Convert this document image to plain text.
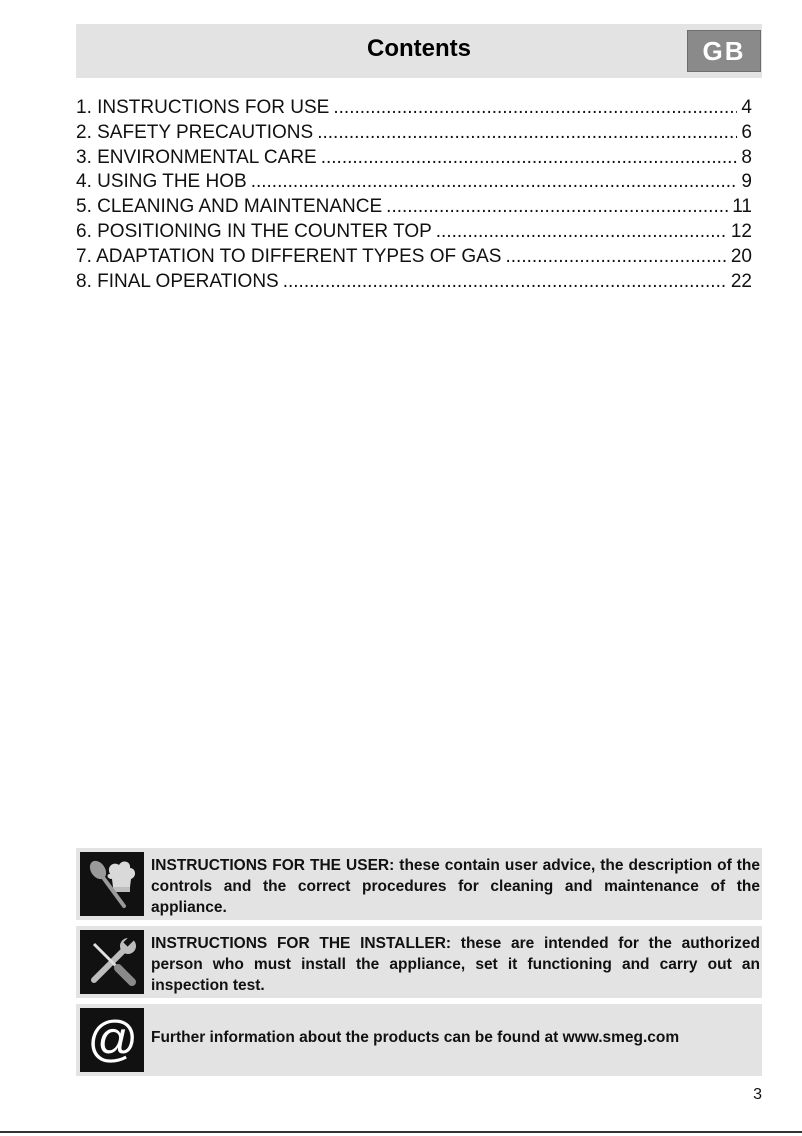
Contents	GB
1. INSTRUCTIONS FOR USE .....	4
2. SAFETY PRECAUTIONS .....	6
3. ENVIRONMENTAL CARE .....	8
4. USING THE HOB .....	9
5. CLEANING AND MAINTENANCE .....	11
6. POSITIONING IN THE COUNTER TOP .....	12
7. ADAPTATION TO DIFFERENT TYPES OF GAS .....	20
8. FINAL OPERATIONS .....	22
INSTRUCTIONS FOR THE USER: these contain user advice, the description of the controls and the correct procedures for cleaning and maintenance of the appliance.
INSTRUCTIONS FOR THE INSTALLER: these are intended for the authorized person who must install the appliance, set it functioning and carry out an inspection test.
@ Further information about the products can be found at www.smeg.com
3
